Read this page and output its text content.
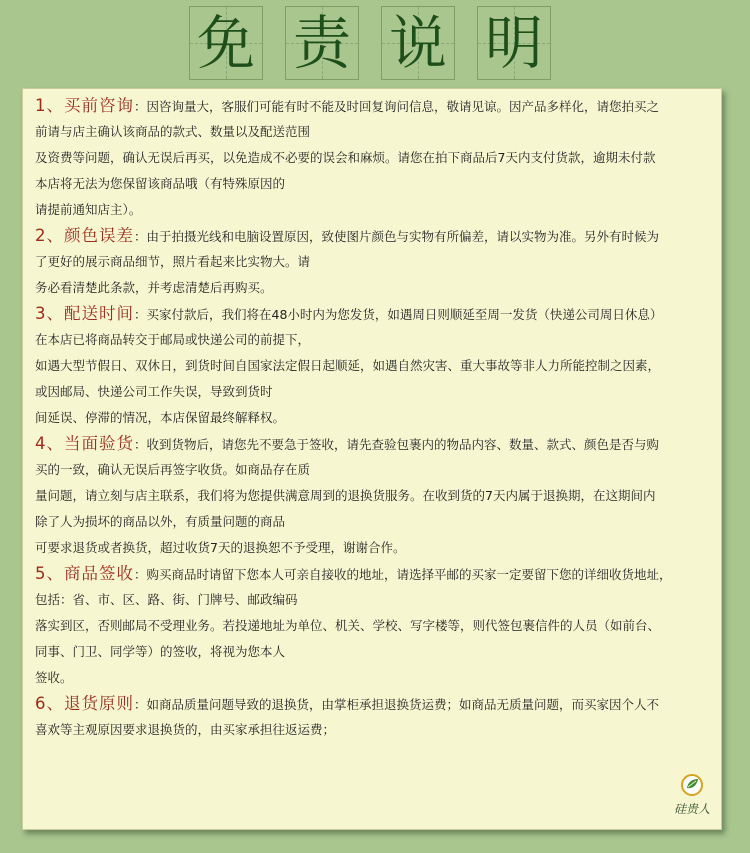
免 责 说 明
1、买前咨询：因咨询量大，客服们可能有时不能及时回复询问信息，敬请见谅。因产品多样化，请您拍买之
前请与店主确认该商品的款式、数量以及配送范围
及资费等问题，确认无误后再买，以免造成不必要的误会和麻烦。请您在拍下商品后7天内支付货款，逾期未付款
本店将无法为您保留该商品哦（有特殊原因的
请提前通知店主）。
2、颜色误差：由于拍摄光线和电脑设置原因，致使图片颜色与实物有所偏差，请以实物为准。另外有时候为
了更好的展示商品细节，照片看起来比实物大。请
务必看清楚此条款，并考虑清楚后再购买。
3、配送时间：买家付款后，我们将在48小时内为您发货，如遇周日则顺延至周一发货（快递公司周日休息）
在本店已将商品转交于邮局或快递公司的前提下，
如遇大型节假日、双休日，到货时间自国家法定假日起顺延，如遇自然灾害、重大事故等非人力所能控制之因素，
或因邮局、快递公司工作失误，导致到货时
间延误、停滞的情况，本店保留最终解释权。
4、当面验货：收到货物后，请您先不要急于签收，请先查验包裹内的物品内容、数量、款式、颜色是否与购
买的一致，确认无误后再签字收货。如商品存在质
量问题，请立刻与店主联系，我们将为您提供满意周到的退换货服务。在收到货的7天内属于退换期，在这期间内
除了人为损坏的商品以外，有质量问题的商品
可要求退货或者换货，超过收货7天的退换恕不予受理，谢谢合作。
5、商品签收：购买商品时请留下您本人可亲自接收的地址，请选择平邮的买家一定要留下您的详细收货地址，
包括：省、市、区、路、街、门牌号、邮政编码
落实到区，否则邮局不受理业务。若投递地址为单位、机关、学校、写字楼等，则代签包裹信件的人员（如前台、
同事、门卫、同学等）的签收，将视为您本人
签收。
6、退货原则：如商品质量问题导致的退换货，由掌柜承担退换货运费；如商品无质量问题，而买家因个人不
喜欢等主观原因要求退换货的，由买家承担往返运费；
硅贵人
